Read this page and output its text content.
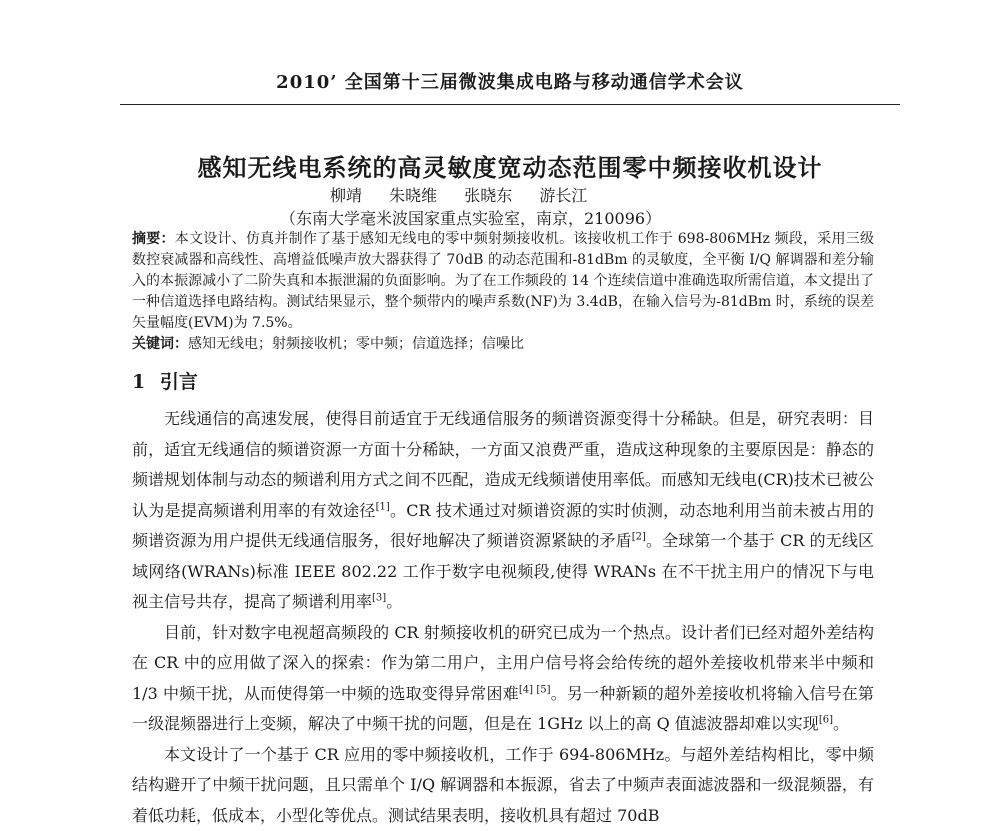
2010’ 全国第十三届微波集成电路与移动通信学术会议
感知无线电系统的高灵敏度宽动态范围零中频接收机设计
柳靖 朱晓维 张晓东 游长江
（东南大学毫米波国家重点实验室，南京，210096）
摘要：本文设计、仿真并制作了基于感知无线电的零中频射频接收机。该接收机工作于 698-806MHz 频段，采用三级数控衰减器和高线性、高增益低噪声放大器获得了 70dB 的动态范围和-81dBm 的灵敏度，全平衡 I/Q 解调器和差分输入的本振源减小了二阶失真和本振泄漏的负面影响。为了在工作频段的 14 个连续信道中准确选取所需信道，本文提出了一种信道选择电路结构。测试结果显示，整个频带内的噪声系数(NF)为 3.4dB，在输入信号为-81dBm 时，系统的误差矢量幅度(EVM)为 7.5%。
关键词：感知无线电；射频接收机；零中频；信道选择；信噪比
1 引言

无线通信的高速发展，使得目前适宜于无线通信服务的频谱资源变得十分稀缺。但是，研究表明：目前，适宜无线通信的频谱资源一方面十分稀缺，一方面又浪费严重，造成这种现象的主要原因是：静态的频谱规划体制与动态的频谱利用方式之间不匹配，造成无线频谱使用率低。而感知无线电(CR)技术已被公认为是提高频谱利用率的有效途径[1]。CR 技术通过对频谱资源的实时侦测，动态地利用当前未被占用的频谱资源为用户提供无线通信服务，很好地解决了频谱资源紧缺的矛盾[2]。全球第一个基于 CR 的无线区域网络(WRANs)标准 IEEE 802.22 工作于数字电视频段,使得 WRANs 在不干扰主用户的情况下与电视主信号共存，提高了频谱利用率[3]。

目前，针对数字电视超高频段的 CR 射频接收机的研究已成为一个热点。设计者们已经对超外差结构在 CR 中的应用做了深入的探索：作为第二用户，主用户信号将会给传统的超外差接收机带来半中频和 1/3 中频干扰，从而使得第一中频的选取变得异常困难[4] [5]。另一种新颖的超外差接收机将输入信号在第一级混频器进行上变频，解决了中频干扰的问题，但是在 1GHz 以上的高 Q 值滤波器却难以实现[6]。

本文设计了一个基于 CR 应用的零中频接收机，工作于 694-806MHz。与超外差结构相比，零中频结构避开了中频干扰问题，且只需单个 I/Q 解调器和本振源，省去了中频声表面滤波器和一级混频器，有着低功耗，低成本，小型化等优点。测试结果表明，接收机具有超过 70dB
